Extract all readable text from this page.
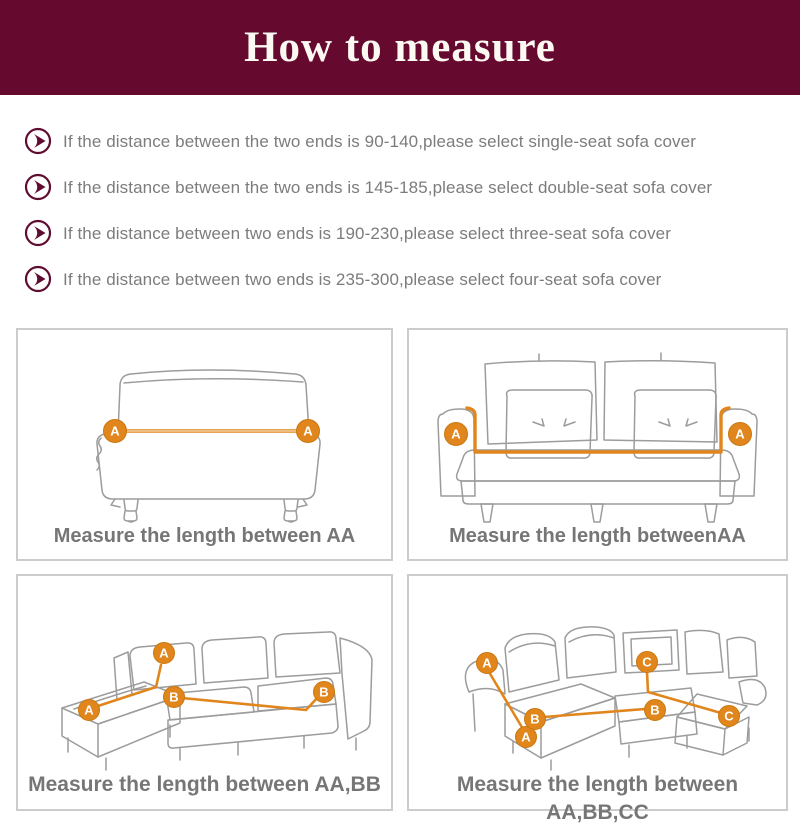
How to measure
If the distance between the two ends is 90-140,please select single-seat sofa cover
If the distance between the two ends is 145-185,please select double-seat sofa cover
If the distance between two ends is 190-230,please select three-seat sofa cover
If the distance between two ends is 235-300,please select four-seat sofa cover
A	A
Measure the length between AA
A	A
Measure the length betweenAA
A
A
B	B
Measure the length between AA,BB
A
A
B
B
C
C
Measure the length between AA,BB,CC
